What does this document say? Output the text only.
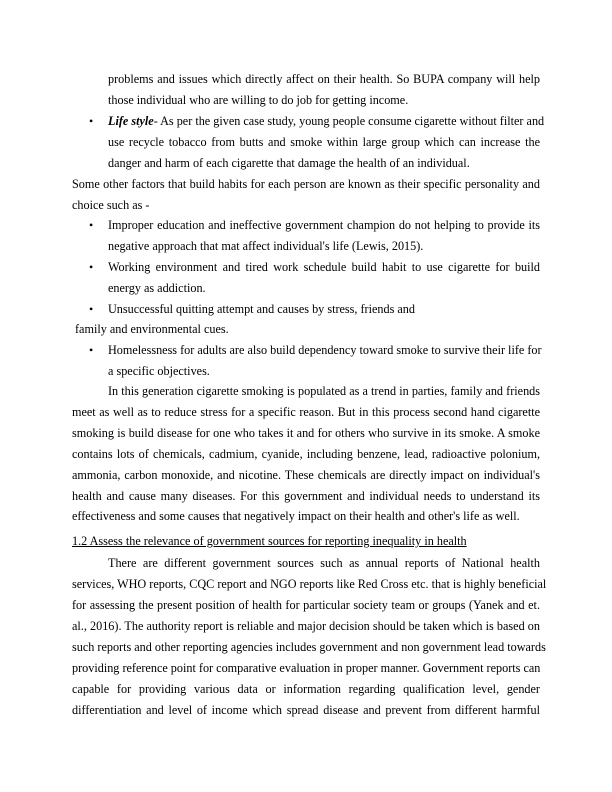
problems and issues which directly affect on their health. So BUPA company will help
those individual who are willing to do job for getting income.
• Life style- As per the given case study, young people consume cigarette without filter and
use recycle tobacco from butts and smoke within large group which can increase the
danger and harm of each cigarette that damage the health of an individual.
Some other factors that build habits for each person are known as their specific personality and
choice such as -
• Improper education and ineffective government champion do not helping to provide its
negative approach that mat affect individual's life (Lewis, 2015).
• Working environment and tired work schedule build habit to use cigarette for build
energy as addiction.
• Unsuccessful quitting attempt and causes by stress, friends and
family and environmental cues.
• Homelessness for adults are also build dependency toward smoke to survive their life for
a specific objectives.
In this generation cigarette smoking is populated as a trend in parties, family and friends
meet as well as to reduce stress for a specific reason. But in this process second hand cigarette
smoking is build disease for one who takes it and for others who survive in its smoke. A smoke
contains lots of chemicals, cadmium, cyanide, including benzene, lead, radioactive polonium,
ammonia, carbon monoxide, and nicotine. These chemicals are directly impact on individual's
health and cause many diseases. For this government and individual needs to understand its
effectiveness and some causes that negatively impact on their health and other's life as well.
1.2 Assess the relevance of government sources for reporting inequality in health
There are different government sources such as annual reports of National health
services, WHO reports, CQC report and NGO reports like Red Cross etc. that is highly beneficial
for assessing the present position of health for particular society team or groups (Yanek and et.
al., 2016). The authority report is reliable and major decision should be taken which is based on
such reports and other reporting agencies includes government and non government lead towards
providing reference point for comparative evaluation in proper manner. Government reports can
capable for providing various data or information regarding qualification level, gender
differentiation and level of income which spread disease and prevent from different harmful
